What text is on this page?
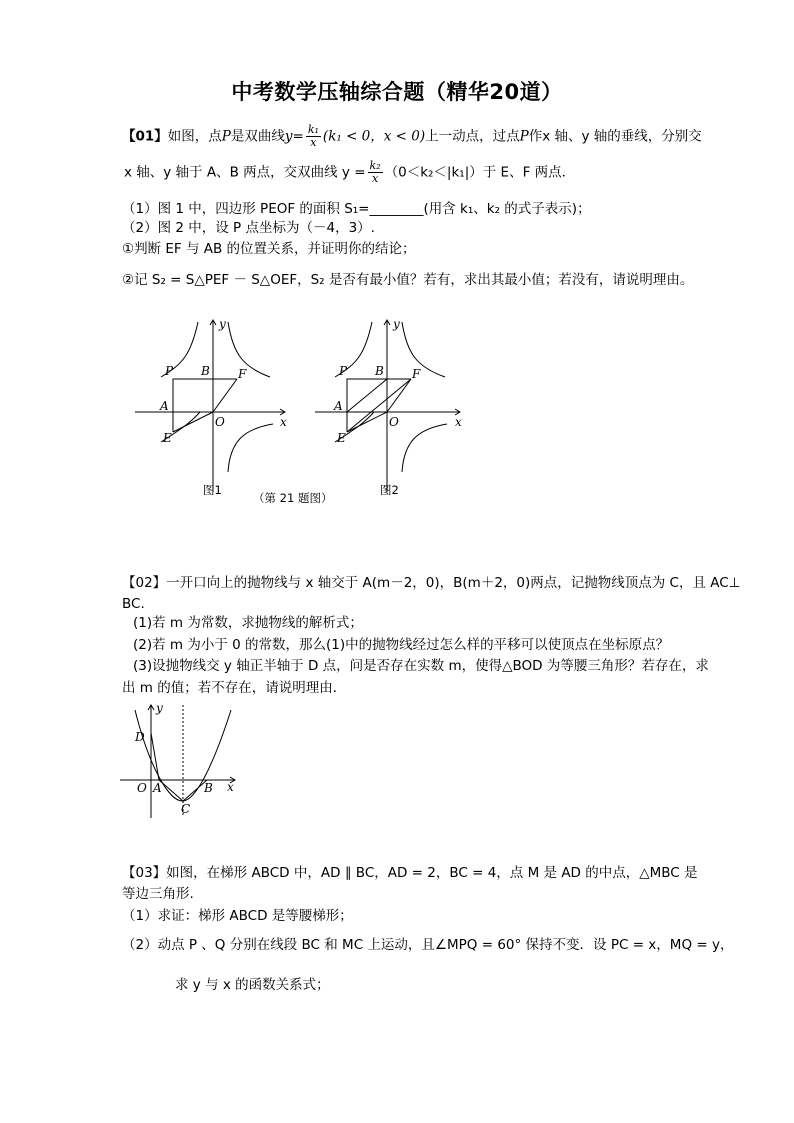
中考数学压轴综合题（精华20道）
【01】如图，点P是双曲线$y= \frac{\text{k₁}}{x} (k_1 < 0$，x < 0)上一动点，过点P作x 轴、y 轴的垂线，分别交
x 轴、y 轴于 A、B 两点，交双曲线 $y = \frac{\text{k₂}}{x} (0<k_2<|k_1|)$于 E、F 两点．
（1）图 1 中，四边形 PEOF 的面积 S₁=________(用含 k₁、k₂ 的式子表示)；
（2）图 2 中，设 P 点坐标为（－4，3）.
①判断 EF 与 AB 的位置关系，并证明你的结论；
②记 S₂ = S△PEF － S△OEF，S₂ 是否有最小值？若有，求出其最小值；若没有，请说明理由。
P B F
A
E
O	x
y
图1
（第 21 题图）
P B F
A
E
O	x
y
图2
【02】一开口向上的抛物线与 x 轴交于 A(m－2，0)，B(m＋2，0)两点，记抛物线顶点为 C，且 AC⊥
BC.
(1)若 m 为常数，求抛物线的解析式；
(2)若 m 为小于 0 的常数，那么(1)中的抛物线经过怎么样的平移可以使顶点在坐标原点？
(3)设抛物线交 y 轴正半轴于 D 点，问是否存在实数 m，使得△BOD 为等腰三角形？若存在，求
出 m 的值；若不存在，请说明理由．
D
O A	B
C
x
y
【03】如图，在梯形 ABCD 中，AD ∥ BC，AD = 2，BC = 4，点 M 是 AD 的中点，△MBC 是
等边三角形.
（1）求证：梯形 ABCD 是等腰梯形；
（2）动点 P 、Q 分别在线段 BC 和 MC 上运动，且∠MPQ = 60° 保持不变．设 PC = x，MQ = y，
求 y 与 x 的函数关系式；
